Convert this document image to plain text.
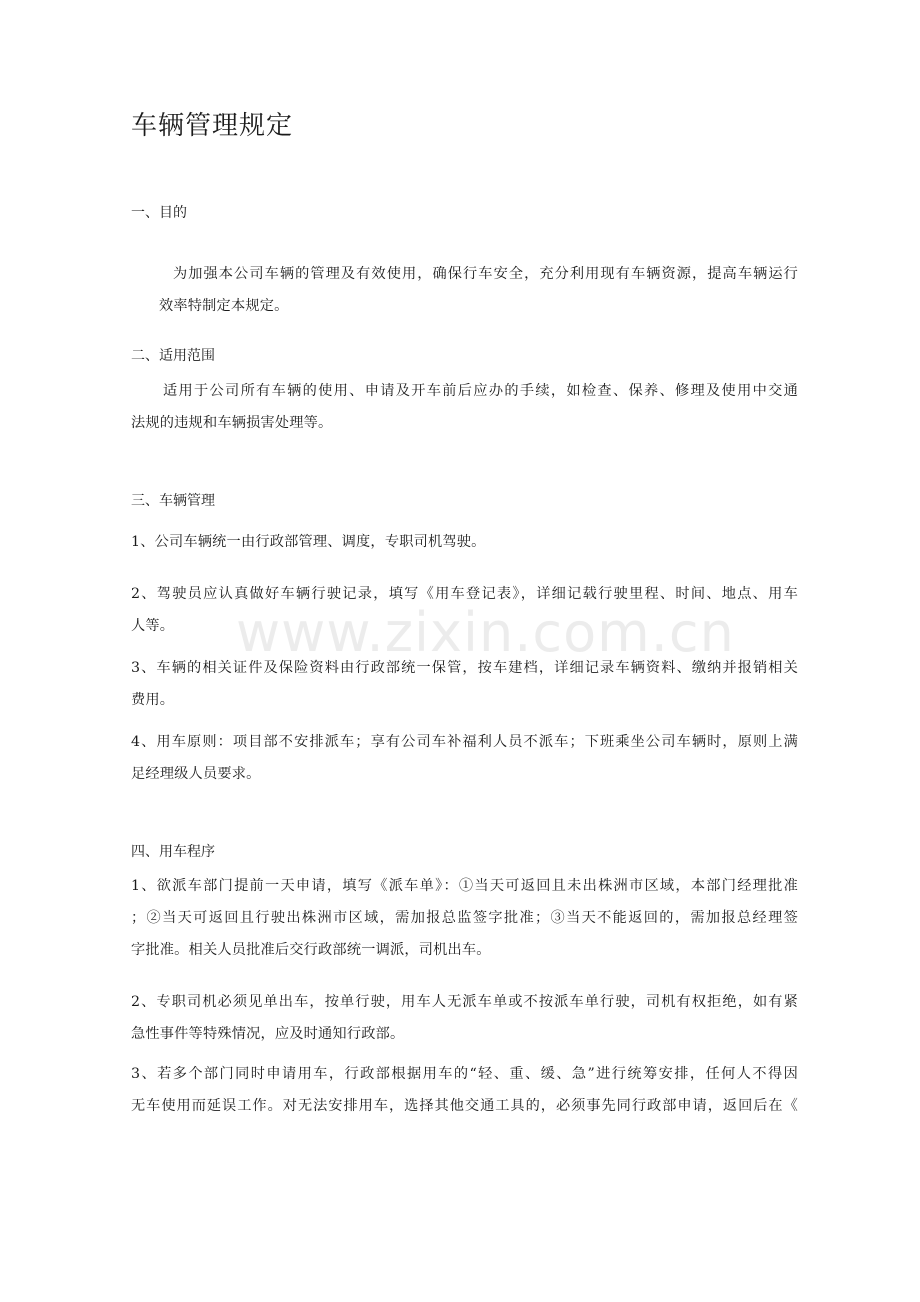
车辆管理规定
一、目的
为加强本公司车辆的管理及有效使用，确保行车安全，充分利用现有车辆资源，提高车辆运行
效率特制定本规定。
二、适用范围
适用于公司所有车辆的使用、申请及开车前后应办的手续，如检查、保养、修理及使用中交通
法规的违规和车辆损害处理等。
三、车辆管理
1、公司车辆统一由行政部管理、调度，专职司机驾驶。
2、驾驶员应认真做好车辆行驶记录，填写《用车登记表》，详细记载行驶里程、时间、地点、用车
人等。
3、车辆的相关证件及保险资料由行政部统一保管，按车建档，详细记录车辆资料、缴纳并报销相关
费用。
4、用车原则：项目部不安排派车；享有公司车补福利人员不派车；下班乘坐公司车辆时，原则上满
足经理级人员要求。
四、用车程序
1、欲派车部门提前一天申请，填写《派车单》：①当天可返回且未出株洲市区域，本部门经理批准
；②当天可返回且行驶出株洲市区域，需加报总监签字批准；③当天不能返回的，需加报总经理签
字批准。相关人员批准后交行政部统一调派，司机出车。
2、专职司机必须见单出车，按单行驶，用车人无派车单或不按派车单行驶，司机有权拒绝，如有紧
急性事件等特殊情况，应及时通知行政部。
3、若多个部门同时申请用车，行政部根据用车的“轻、重、缓、急”进行统筹安排，任何人不得因
无车使用而延误工作。对无法安排用车，选择其他交通工具的，必须事先同行政部申请，返回后在《
www.zixin.com.cn
